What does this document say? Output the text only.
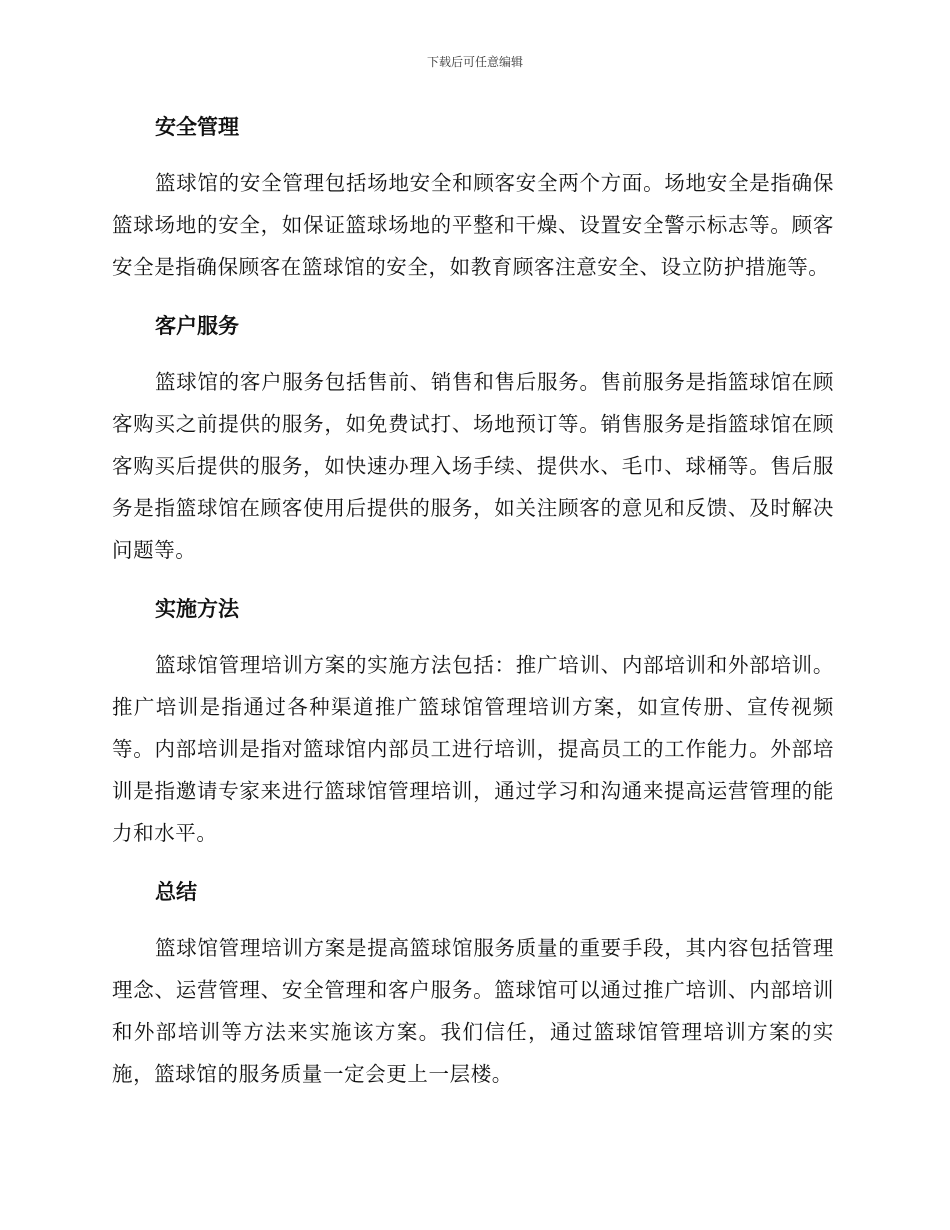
下载后可任意编辑
安全管理

篮球馆的安全管理包括场地安全和顾客安全两个方面。场地安全是指确保篮球场地的安全，如保证篮球场地的平整和干燥、设置安全警示标志等。顾客安全是指确保顾客在篮球馆的安全，如教育顾客注意安全、设立防护措施等。

客户服务

篮球馆的客户服务包括售前、销售和售后服务。售前服务是指篮球馆在顾客购买之前提供的服务，如免费试打、场地预订等。销售服务是指篮球馆在顾客购买后提供的服务，如快速办理入场手续、提供水、毛巾、球桶等。售后服务是指篮球馆在顾客使用后提供的服务，如关注顾客的意见和反馈、及时解决问题等。

实施方法

篮球馆管理培训方案的实施方法包括：推广培训、内部培训和外部培训。推广培训是指通过各种渠道推广篮球馆管理培训方案，如宣传册、宣传视频等。内部培训是指对篮球馆内部员工进行培训，提高员工的工作能力。外部培训是指邀请专家来进行篮球馆管理培训，通过学习和沟通来提高运营管理的能力和水平。

总结

篮球馆管理培训方案是提高篮球馆服务质量的重要手段，其内容包括管理理念、运营管理、安全管理和客户服务。篮球馆可以通过推广培训、内部培训和外部培训等方法来实施该方案。我们信任，通过篮球馆管理培训方案的实施，篮球馆的服务质量一定会更上一层楼。
